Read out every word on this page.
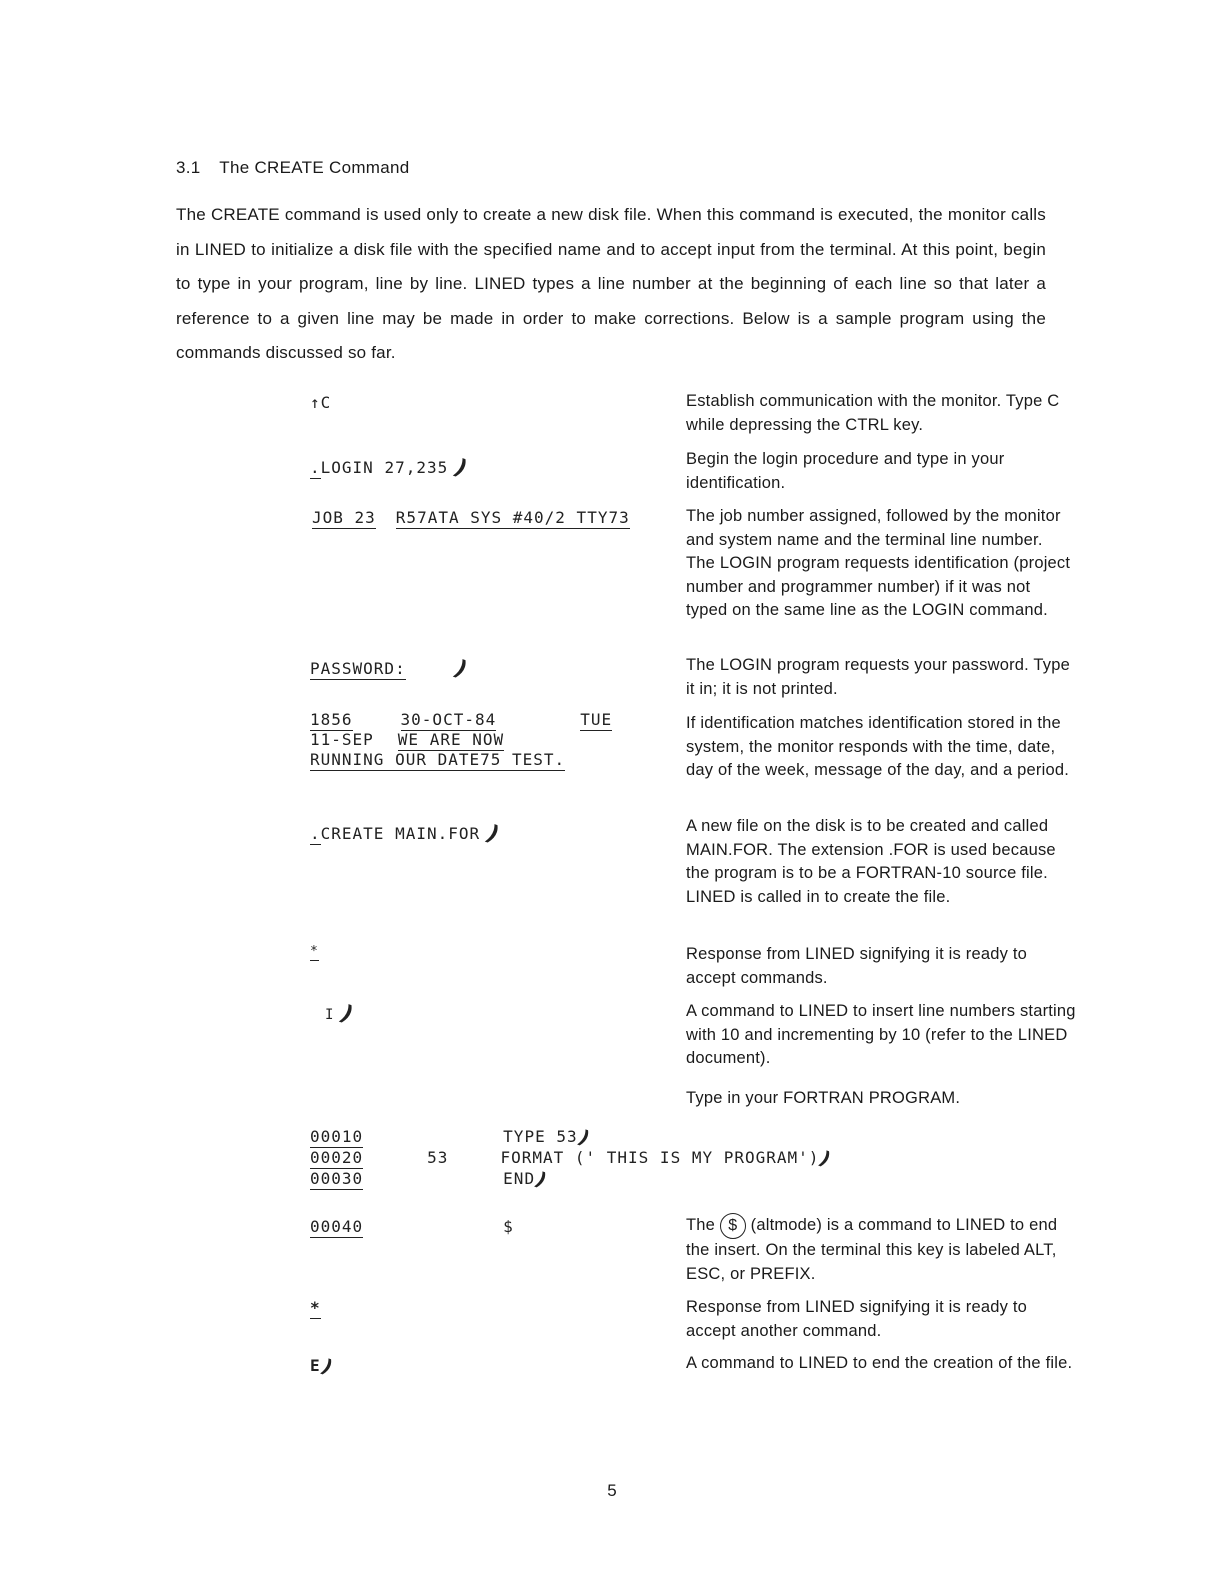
3.1 The CREATE Command

The CREATE command is used only to create a new disk file. When this command is executed, the monitor calls in LINED to initialize a disk file with the specified name and to accept input from the terminal. At this point, begin to type in your program, line by line. LINED types a line number at the beginning of each line so that later a reference to a given line may be made in order to make corrections. Below is a sample program using the commands discussed so far.

↑C	Establish communication with the monitor. Type C while depressing the CTRL key.
.LOGIN 27,235 )	Begin the login procedure and type in your identification.
JOB 23 R57ATA SYS #40/2 TTY73	The job number assigned, followed by the monitor and system name and the terminal line number. The LOGIN program requests identification (project number and programmer number) if it was not typed on the same line as the LOGIN command.
PASSWORD: )	The LOGIN program requests your password. Type it in; it is not printed.
1856	30-OCT-84	TUE
11-SEP WE ARE NOW
RUNNING OUR DATE75 TEST.
If identification matches identification stored in the system, the monitor responds with the time, date, day of the week, message of the day, and a period.
.CREATE MAIN.FOR )	A new file on the disk is to be created and called MAIN.FOR. The extension .FOR is used because the program is to be a FORTRAN-10 source file. LINED is called in to create the file.
*	Response from LINED signifying it is ready to accept commands.
I )	A command to LINED to insert line numbers starting with 10 and incrementing by 10 (refer to the LINED document).
Type in your FORTRAN PROGRAM.
00010	TYPE 53)
00020	53	FORMAT (' THIS IS MY PROGRAM'))
00030	END)
00040	$	The $ (altmode) is a command to LINED to end the insert. On the terminal this key is labeled ALT, ESC, or PREFIX.
*	Response from LINED signifying it is ready to accept another command.
E)	A command to LINED to end the creation of the file.
5
